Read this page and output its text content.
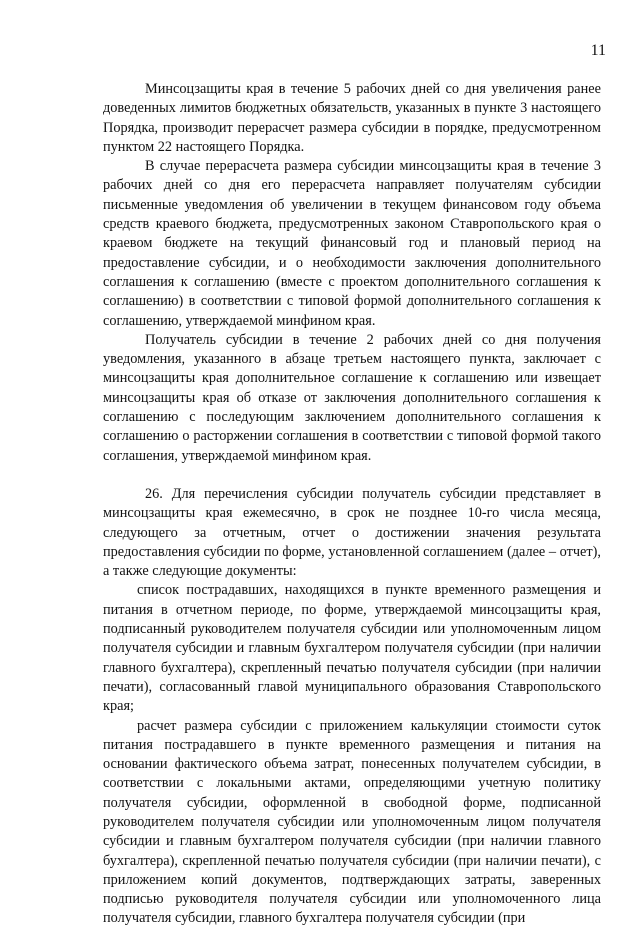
11

Минсоцзащиты края в течение 5 рабочих дней со дня увеличения ранее доведенных лимитов бюджетных обязательств, указанных в пункте 3 настоящего Порядка, производит перерасчет размера субсидии в порядке, предусмотренном пунктом 22 настоящего Порядка.

В случае перерасчета размера субсидии минсоцзащиты края в течение 3 рабочих дней со дня его перерасчета направляет получателям субсидии письменные уведомления об увеличении в текущем финансовом году объема средств краевого бюджета, предусмотренных законом Ставропольского края о краевом бюджете на текущий финансовый год и плановый период на предоставление субсидии, и о необходимости заключения дополнительного соглашения к соглашению (вместе с проектом дополнительного соглашения к соглашению) в соответствии с типовой формой дополнительного соглашения к соглашению, утверждаемой минфином края.

Получатель субсидии в течение 2 рабочих дней со дня получения уведомления, указанного в абзаце третьем настоящего пункта, заключает с минсоцзащиты края дополнительное соглашение к соглашению или извещает минсоцзащиты края об отказе от заключения дополнительного соглашения к соглашению с последующим заключением дополнительного соглашения к соглашению о расторжении соглашения в соответствии с типовой формой такого соглашения, утверждаемой минфином края.

26. Для перечисления субсидии получатель субсидии представляет в минсоцзащиты края ежемесячно, в срок не позднее 10-го числа месяца, следующего за отчетным, отчет о достижении значения результата предоставления субсидии по форме, установленной соглашением (далее – отчет), а также следующие документы:

список пострадавших, находящихся в пункте временного размещения и питания в отчетном периоде, по форме, утверждаемой минсоцзащиты края, подписанный руководителем получателя субсидии или уполномоченным лицом получателя субсидии и главным бухгалтером получателя субсидии (при наличии главного бухгалтера), скрепленный печатью получателя субсидии (при наличии печати), согласованный главой муниципального образования Ставропольского края;

расчет размера субсидии с приложением калькуляции стоимости суток питания пострадавшего в пункте временного размещения и питания на основании фактического объема затрат, понесенных получателем субсидии, в соответствии с локальными актами, определяющими учетную политику получателя субсидии, оформленной в свободной форме, подписанной руководителем получателя субсидии или уполномоченным лицом получателя субсидии и главным бухгалтером получателя субсидии (при наличии главного бухгалтера), скрепленной печатью получателя субсидии (при наличии печати), с приложением копий документов, подтверждающих затраты, заверенных подписью руководителя получателя субсидии или уполномоченного лица получателя субсидии, главного бухгалтера получателя субсидии (при
